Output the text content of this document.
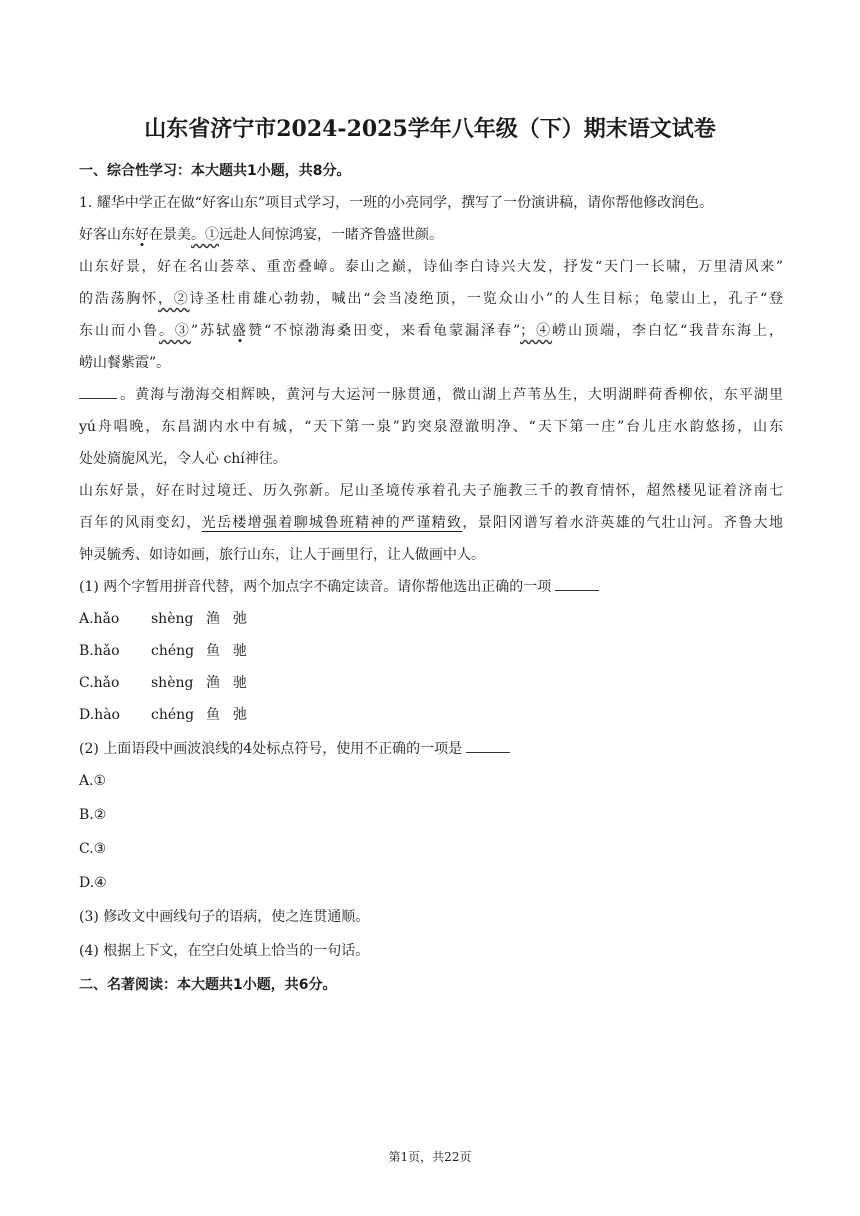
山东省济宁市2024-2025学年八年级（下）期末语文试卷
一、综合性学习：本大题共1小题，共8分。
1. 耀华中学正在做“好客山东”项目式学习，一班的小亮同学，撰写了一份演讲稿，请你帮他修改润色。
好客山东好在景美。①远赴人间惊鸿宴，一睹齐鲁盛世颜。
山东好景，好在名山荟萃、重峦叠嶂。泰山之巅，诗仙李白诗兴大发，抒发“天门一长啸，万里清风来”
的浩荡胸怀，②诗圣杜甫雄心勃勃，喊出“会当凌绝顶，一览众山小”的人生目标；龟蒙山上，孔子“登
东山而小鲁。③”苏轼盛赞“不惊渤海桑田变，来看龟蒙漏泽春”；④崂山顶端，李白忆“我昔东海上，
崂山餐紫霞”。
。黄海与渤海交相辉映，黄河与大运河一脉贯通，微山湖上芦苇丛生，大明湖畔荷香柳依，东平湖里
yú舟唱晚，东昌湖内水中有城，“天下第一泉”趵突泉澄澈明净、“天下第一庄”台儿庄水韵悠扬，山东
处处旖旎风光，令人心 chí神往。
山东好景，好在时过境迁、历久弥新。尼山圣境传承着孔夫子施教三千的教育情怀，超然楼见证着济南七
百年的风雨变幻，光岳楼增强着聊城鲁班精神的严谨精致，景阳冈谱写着水浒英雄的气壮山河。齐鲁大地
钟灵毓秀、如诗如画，旅行山东，让人于画里行，让人做画中人。
(1) 两个字暂用拼音代替，两个加点字不确定读音。请你帮他选出正确的一项
A.hǎo	shèng 渔 弛
B.hǎo	chéng 鱼 驰
C.hǎo	shèng 渔 驰
D.hào	chéng 鱼 弛
(2) 上面语段中画波浪线的4处标点符号，使用不正确的一项是
A.①
B.②
C.③
D.④
(3) 修改文中画线句子的语病，使之连贯通顺。
(4) 根据上下文，在空白处填上恰当的一句话。
二、名著阅读：本大题共1小题，共6分。
第1页，共22页
